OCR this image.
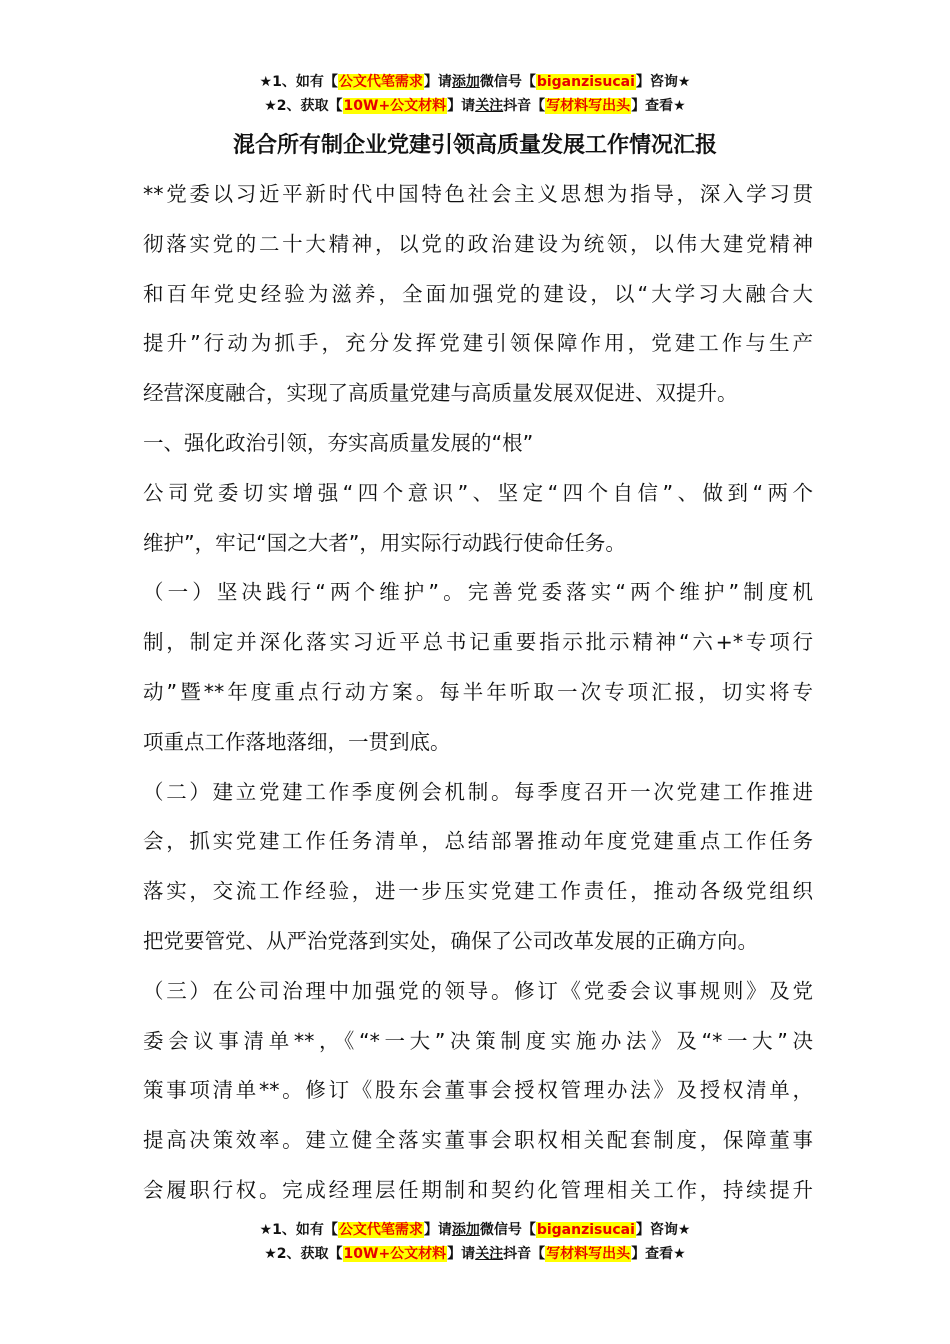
★1、如有【公文代笔需求】请添加微信号【biganzisucai】咨询★
★2、获取【10W+公文材料】请关注抖音【写材料写出头】查看★
混合所有制企业党建引领高质量发展工作情况汇报
**党委以习近平新时代中国特色社会主义思想为指导，深入学习贯
彻落实党的二十大精神，以党的政治建设为统领，以伟大建党精神
和百年党史经验为滋养，全面加强党的建设，以“大学习大融合大
提升”行动为抓手，充分发挥党建引领保障作用，党建工作与生产
经营深度融合，实现了高质量党建与高质量发展双促进、双提升。
一、强化政治引领，夯实高质量发展的“根”
公司党委切实增强“四个意识”、坚定“四个自信”、做到“两个
维护”，牢记“国之大者”，用实际行动践行使命任务。
（一）坚决践行“两个维护”。完善党委落实“两个维护”制度机
制，制定并深化落实习近平总书记重要指示批示精神“六+*专项行
动”暨**年度重点行动方案。每半年听取一次专项汇报，切实将专
项重点工作落地落细，一贯到底。
（二）建立党建工作季度例会机制。每季度召开一次党建工作推进
会，抓实党建工作任务清单，总结部署推动年度党建重点工作任务
落实，交流工作经验，进一步压实党建工作责任，推动各级党组织
把党要管党、从严治党落到实处，确保了公司改革发展的正确方向。
（三）在公司治理中加强党的领导。修订《党委会议事规则》及党
委会议事清单**，《“*一大”决策制度实施办法》及“*一大”决
策事项清单**。修订《股东会董事会授权管理办法》及授权清单，
提高决策效率。建立健全落实董事会职权相关配套制度，保障董事
会履职行权。完成经理层任期制和契约化管理相关工作，持续提升
★1、如有【公文代笔需求】请添加微信号【biganzisucai】咨询★
★2、获取【10W+公文材料】请关注抖音【写材料写出头】查看★
